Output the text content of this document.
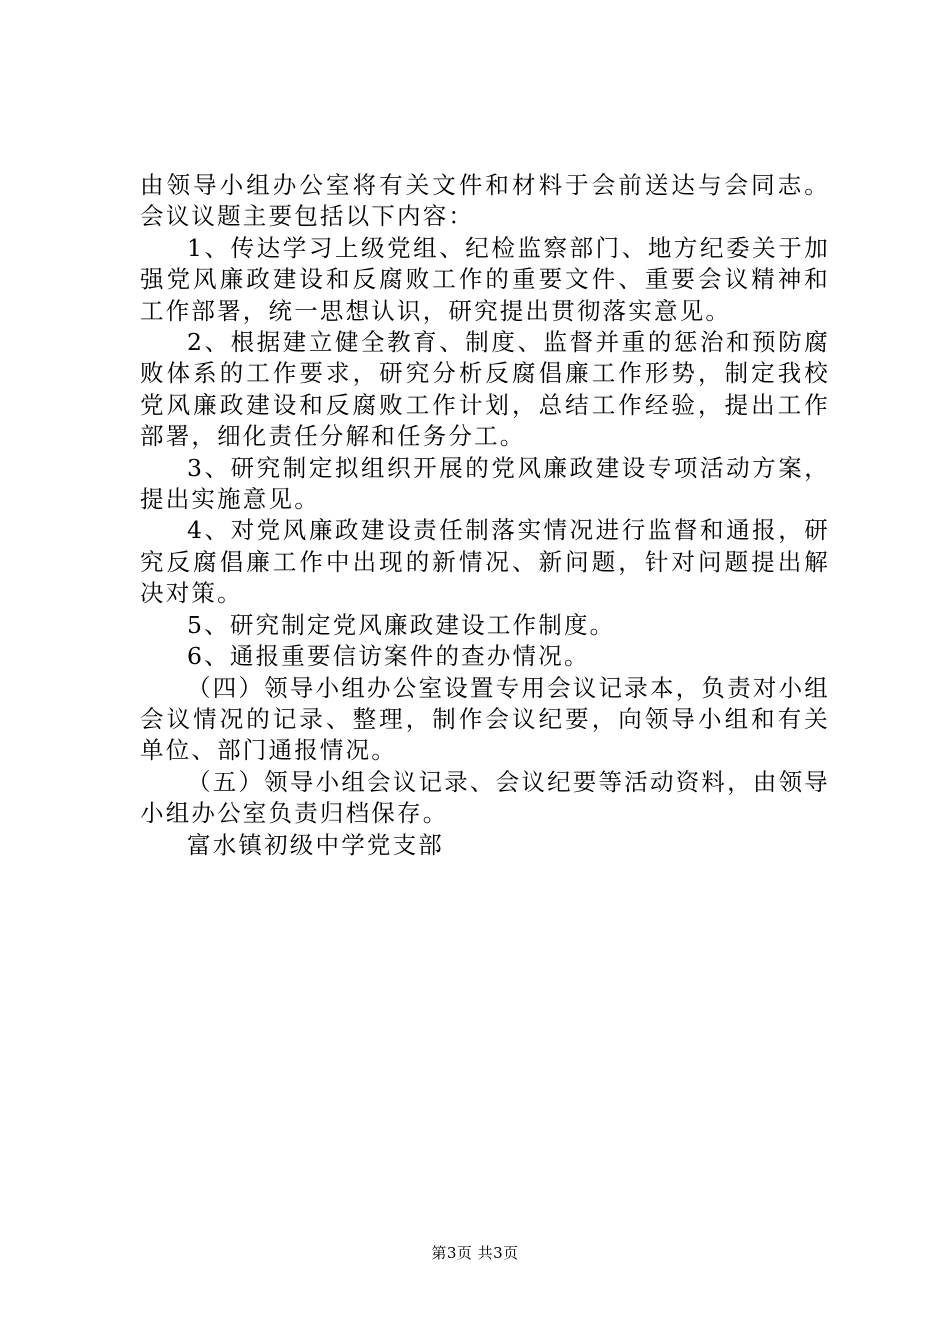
由领导小组办公室将有关文件和材料于会前送达与会同志。会议议题主要包括以下内容：

1、传达学习上级党组、纪检监察部门、地方纪委关于加强党风廉政建设和反腐败工作的重要文件、重要会议精神和工作部署，统一思想认识，研究提出贯彻落实意见。

2、根据建立健全教育、制度、监督并重的惩治和预防腐败体系的工作要求，研究分析反腐倡廉工作形势，制定我校党风廉政建设和反腐败工作计划，总结工作经验，提出工作部署，细化责任分解和任务分工。

3、研究制定拟组织开展的党风廉政建设专项活动方案，提出实施意见。

4、对党风廉政建设责任制落实情况进行监督和通报，研究反腐倡廉工作中出现的新情况、新问题，针对问题提出解决对策。

5、研究制定党风廉政建设工作制度。

6、通报重要信访案件的查办情况。

（四）领导小组办公室设置专用会议记录本，负责对小组会议情况的记录、整理，制作会议纪要，向领导小组和有关单位、部门通报情况。

（五）领导小组会议记录、会议纪要等活动资料，由领导小组办公室负责归档保存。

富水镇初级中学党支部

第3页 共3页
